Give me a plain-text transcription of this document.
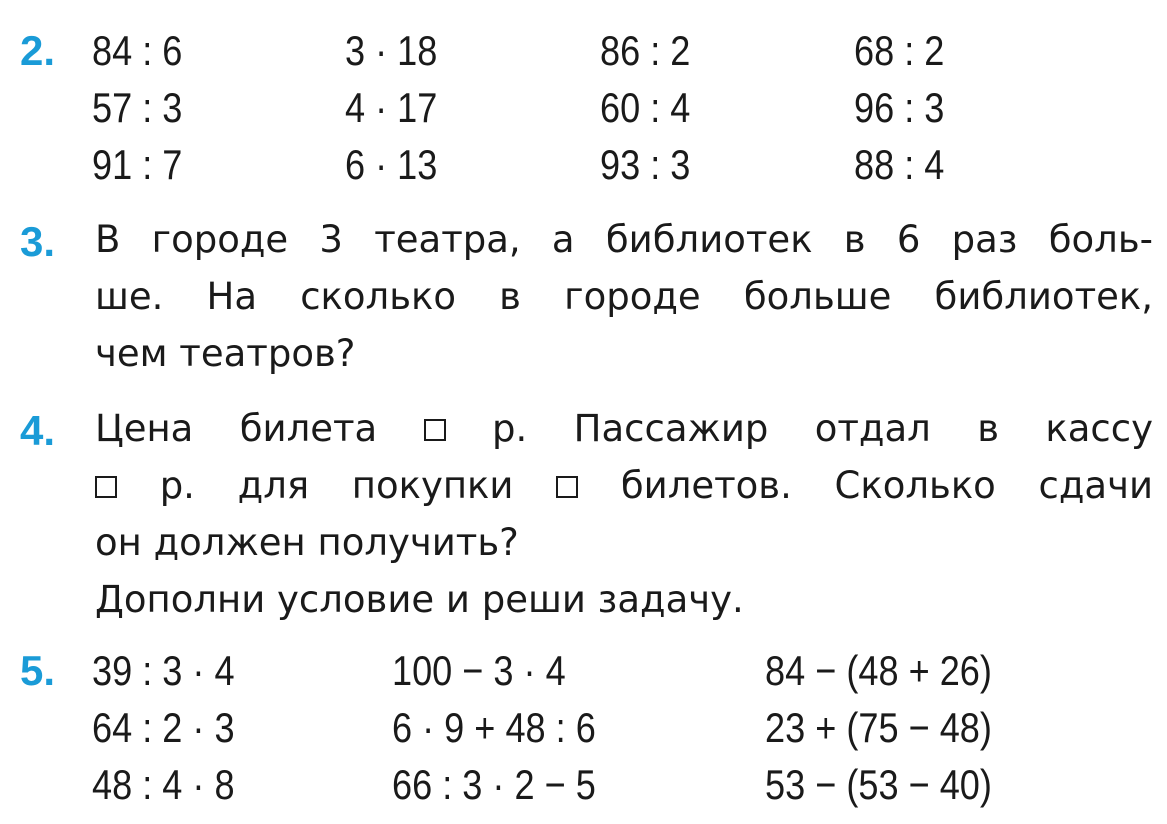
2. 84 : 6	3 · 18	86 : 2	68 : 2
57 : 3	4 · 17	60 : 4	96 : 3
91 : 7	6 · 13	93 : 3	88 : 4
3. В городе 3 театра, а библиотек в 6 раз боль-
ше. На сколько в городе больше библиотек,
чем театров?
4. Цена билета	р. Пассажир отдал в кассу
р. для покупки	билетов. Сколько сдачи
он должен получить?
Дополни условие и реши задачу.
5. 39 : 3 · 4	100 − 3 · 4	84 − (48 + 26)
64 : 2 · 3	6 · 9 + 48 : 6	23 + (75 − 48)
48 : 4 · 8	66 : 3 · 2 − 5	53 − (53 − 40)
